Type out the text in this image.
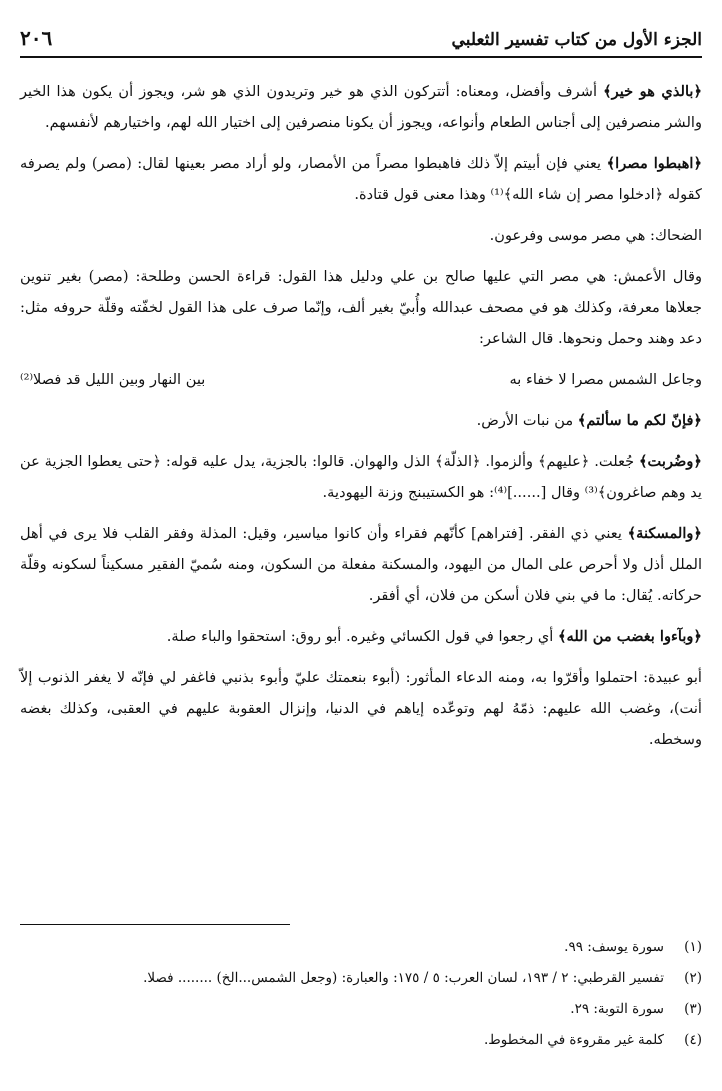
الجزء الأول من كتاب تفسير الثعلبي
٢٠٦

﴿بالذي هو خير﴾ أشرف وأفضل، ومعناه: أتتركون الذي هو خير وتريدون الذي هو شر، ويجوز أن يكون هذا الخير والشر منصرفين إلى أجناس الطعام وأنواعه، ويجوز أن يكونا منصرفين إلى اختيار الله لهم، واختيارهم لأنفسهم.

﴿اهبطوا مصرا﴾ يعني فإن أبيتم إلاّ ذلك فاهبطوا مصراً من الأمصار، ولو أراد مصر بعينها لقال: (مصر) ولم يصرفه كقوله ﴿ادخلوا مصر إن شاء الله﴾⁽¹⁾ وهذا معنى قول قتادة.

الضحاك: هي مصر موسى وفرعون.

وقال الأعمش: هي مصر التي عليها صالح بن علي ودليل هذا القول: قراءة الحسن وطلحة: (مصر) بغير تنوين جعلاها معرفة، وكذلك هو في مصحف عبدالله وأُبيّ بغير ألف، وإنّما صرف على هذا القول لخفّته وقلّة حروفه مثل: دعد وهند وحمل ونحوها. قال الشاعر:

وجاعل الشمس مصرا لا خفاء به
بين النهار وبين الليل قد فصلا⁽²⁾

﴿فإنّ لكم ما سألتم﴾ من نبات الأرض.

﴿وضُربت﴾ جُعلت. ﴿عليهم﴾ وألزموا. ﴿الذلّة﴾ الذل والهوان. قالوا: بالجزية، يدل عليه قوله: ﴿حتى يعطوا الجزية عن يد وهم صاغرون﴾⁽³⁾ وقال [......]⁽⁴⁾: هو الكستيبنج وزنة اليهودية.

﴿والمسكنة﴾ يعني ذي الفقر. [فتراهم] كأنّهم فقراء وأن كانوا مياسير، وقيل: المذلة وفقر القلب فلا يرى في أهل الملل أذل ولا أحرص على المال من اليهود، والمسكنة مفعلة من السكون، ومنه سُميّ الفقير مسكيناً لسكونه وقلّة حركاته. يُقال: ما في بني فلان أسكن من فلان، أي أفقر.

﴿وبآءوا بغضب من الله﴾ أي رجعوا في قول الكسائي وغيره. أبو روق: استحقوا والباء صلة.

أبو عبيدة: احتملوا وأقرّوا به، ومنه الدعاء المأثور: (أبوء بنعمتك عليّ وأبوء بذنبي فاغفر لي فإنّه لا يغفر الذنوب إلاّ أنت)، وغضب الله عليهم: ذمّهُ لهم وتوعّده إياهم في الدنيا، وإنزال العقوبة عليهم في العقبى، وكذلك بغضه وسخطه.

(١)
سورة يوسف: ٩٩.
(٢)
تفسير القرطبي: ٢ / ١٩٣، لسان العرب: ٥ / ١٧٥: والعبارة: (وجعل الشمس...الخ) ........ فصلا.
(٣)
سورة التوبة: ٢٩.
(٤)
كلمة غير مقروءة في المخطوط.
